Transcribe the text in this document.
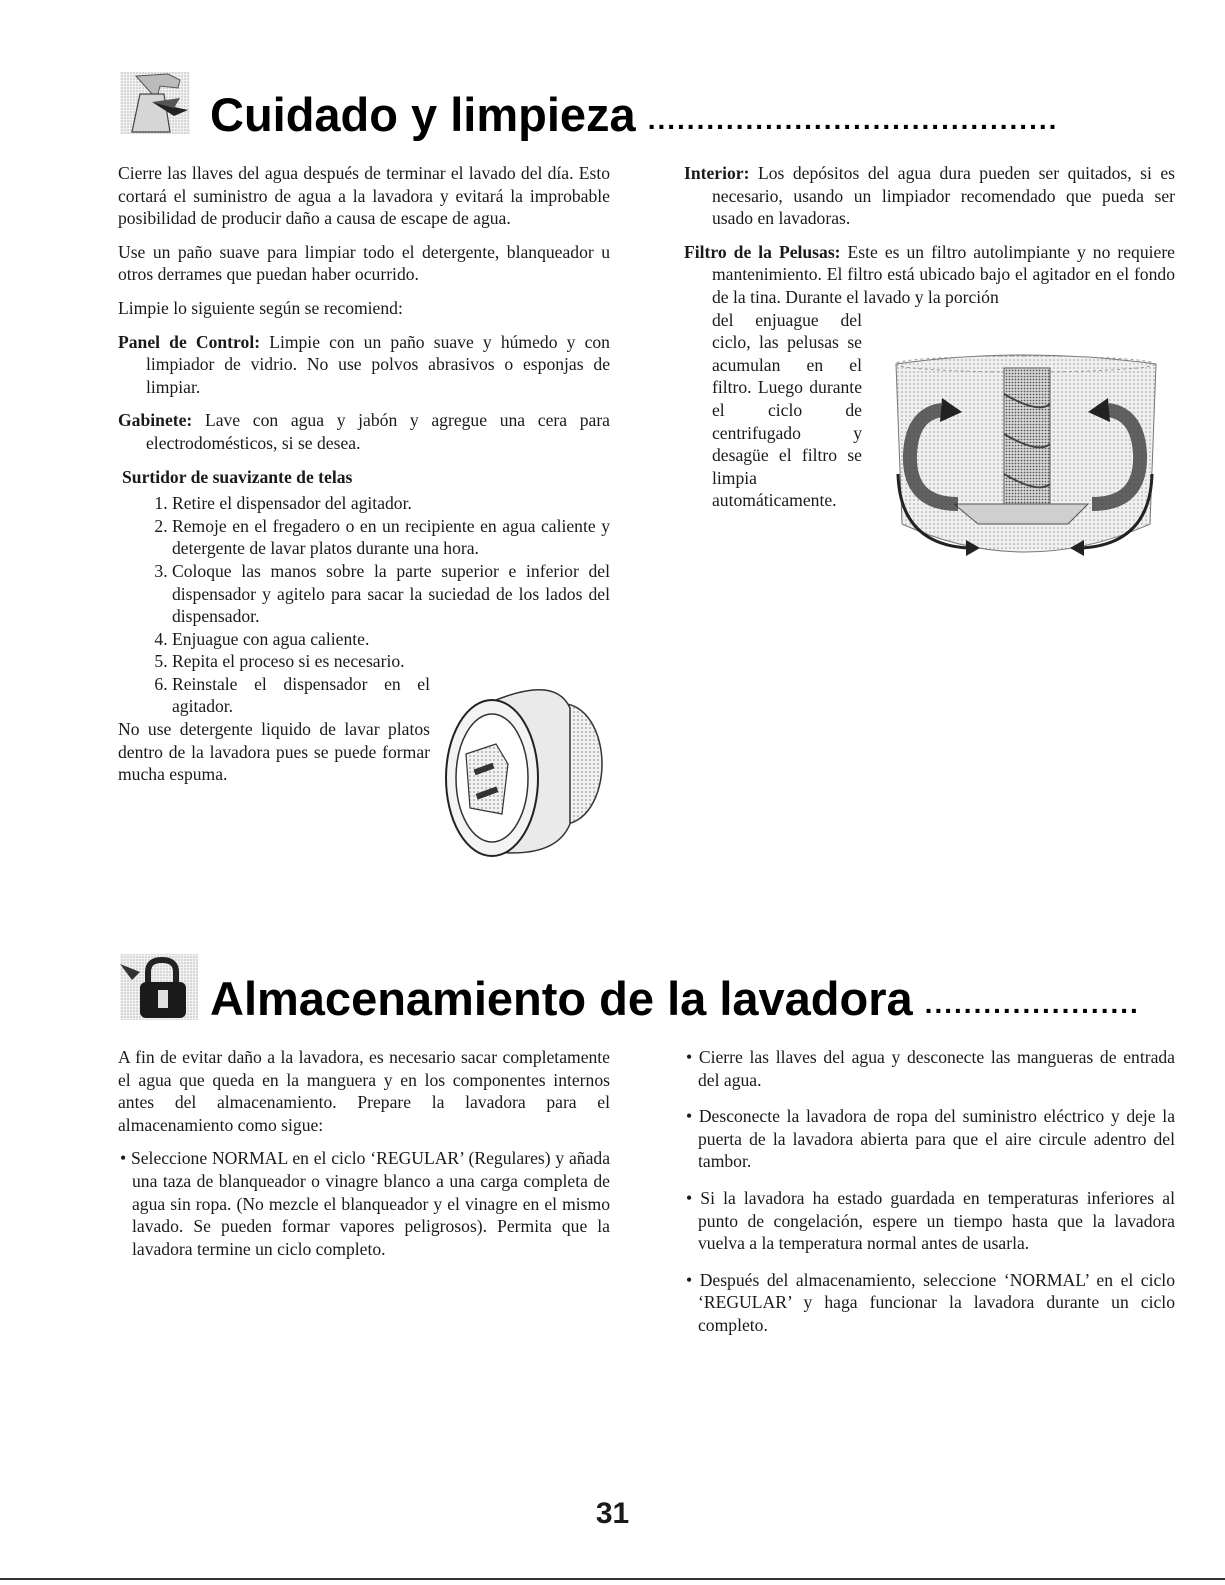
Cuidado y limpieza ..........................................

Cierre las llaves del agua después de terminar el lavado del día. Esto cortará el suministro de agua a la lavadora y evitará la improbable posibilidad de producir daño a causa de escape de agua.

Use un paño suave para limpiar todo el detergente, blanqueador u otros derrames que puedan haber ocurrido.

Limpie lo siguiente según se recomiend:

Panel de Control: Limpie con un paño suave y húmedo y con limpiador de vidrio. No use polvos abrasivos o esponjas de limpiar.

Gabinete: Lave con agua y jabón y agregue una cera para electrodomésticos, si se desea.

Surtidor de suavizante de telas
1. Retire el dispensador del agitador.
2. Remoje en el fregadero o en un recipiente en agua caliente y detergente de lavar platos durante una hora.
3. Coloque las manos sobre la parte superior e inferior del dispensador y agitelo para sacar la suciedad de los lados del dispensador.
4. Enjuague con agua caliente.
5. Repita el proceso si es necesario.
6. Reinstale el dispensador en el agitador.

No use detergente liquido de lavar platos dentro de la lavadora pues se puede formar mucha espuma.

Interior: Los depósitos del agua dura pueden ser quitados, si es necesario, usando un limpiador recomendado que pueda ser usado en lavadoras.

Filtro de la Pelusas: Este es un filtro autolimpiante y no requiere mantenimiento. El filtro está ubicado bajo el agitador en el fondo de la tina. Durante el lavado y la porción

del enjuague del ciclo, las pelusas se acumulan en el filtro. Luego durante el ciclo de centrifugado y desagüe el filtro se limpia automáticamente.

Almacenamiento de la lavadora ......................

A fin de evitar daño a la lavadora, es necesario sacar completamente el agua que queda en la manguera y en los componentes internos antes del almacenamiento. Prepare la lavadora para el almacenamiento como sigue:

• Seleccione NORMAL en el ciclo ‘REGULAR’ (Regulares) y añada una taza de blanqueador o vinagre blanco a una carga completa de agua sin ropa. (No mezcle el blanqueador y el vinagre en el mismo lavado. Se pueden formar vapores peligrosos). Permita que la lavadora termine un ciclo completo.

• Cierre las llaves del agua y desconecte las mangueras de entrada del agua.

• Desconecte la lavadora de ropa del suministro eléctrico y deje la puerta de la lavadora abierta para que el aire circule adentro del tambor.

• Si la lavadora ha estado guardada en temperaturas inferiores al punto de congelación, espere un tiempo hasta que la lavadora vuelva a la temperatura normal antes de usarla.

• Después del almacenamiento, seleccione ‘NORMAL’ en el ciclo ‘REGULAR’ y haga funcionar la lavadora durante un ciclo completo.

31
